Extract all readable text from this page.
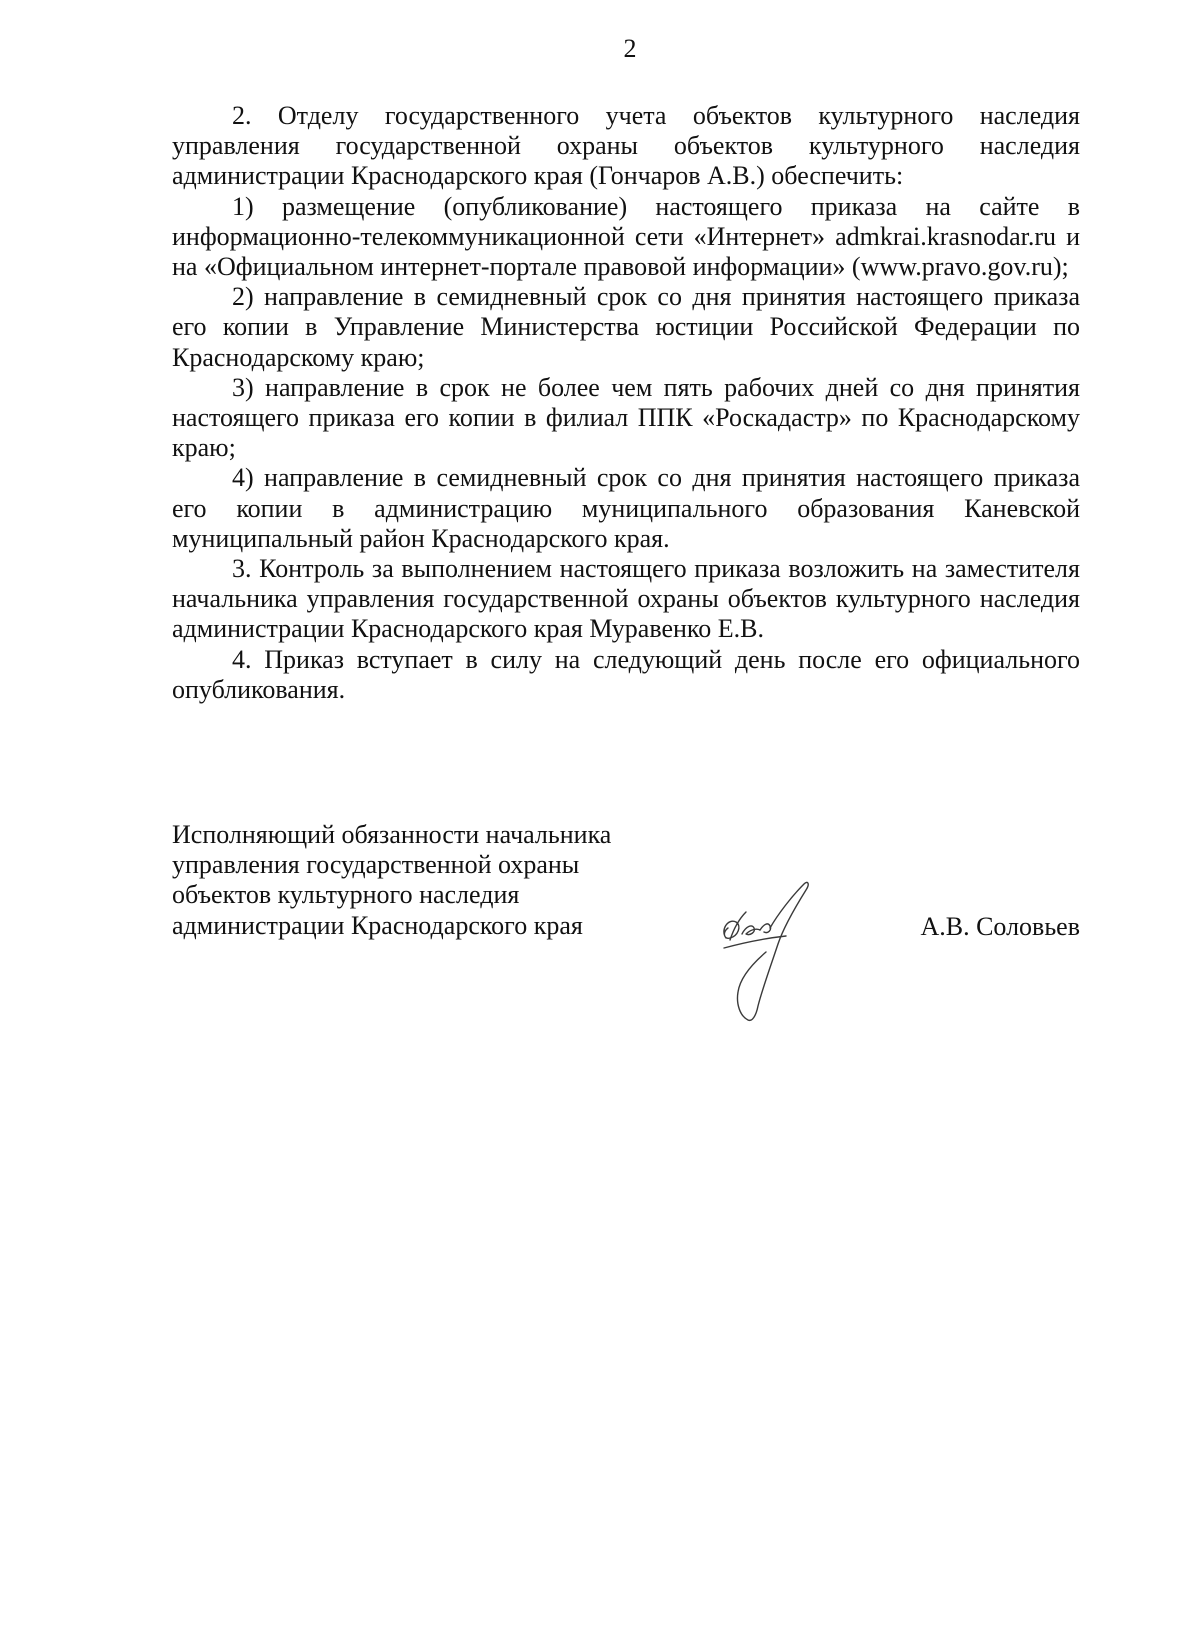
2

2. Отделу государственного учета объектов культурного наследия управления государственной охраны объектов культурного наследия администрации Краснодарского края (Гончаров А.В.) обеспечить:

1) размещение (опубликование) настоящего приказа на сайте в информационно-телекоммуникационной сети «Интернет» admkrai.krasnodar.ru и на «Официальном интернет-портале правовой информации» (www.pravo.gov.ru);

2) направление в семидневный срок со дня принятия настоящего приказа его копии в Управление Министерства юстиции Российской Федерации по Краснодарскому краю;

3) направление в срок не более чем пять рабочих дней со дня принятия настоящего приказа его копии в филиал ППК «Роскадастр» по Краснодарскому краю;

4) направление в семидневный срок со дня принятия настоящего приказа его копии в администрацию муниципального образования Каневской муниципальный район Краснодарского края.

3. Контроль за выполнением настоящего приказа возложить на заместителя начальника управления государственной охраны объектов культурного наследия администрации Краснодарского края Муравенко Е.В.

4. Приказ вступает в силу на следующий день после его официального опубликования.

Исполняющий обязанности начальника
управления государственной охраны
объектов культурного наследия
администрации Краснодарского края	А.В. Соловьев
